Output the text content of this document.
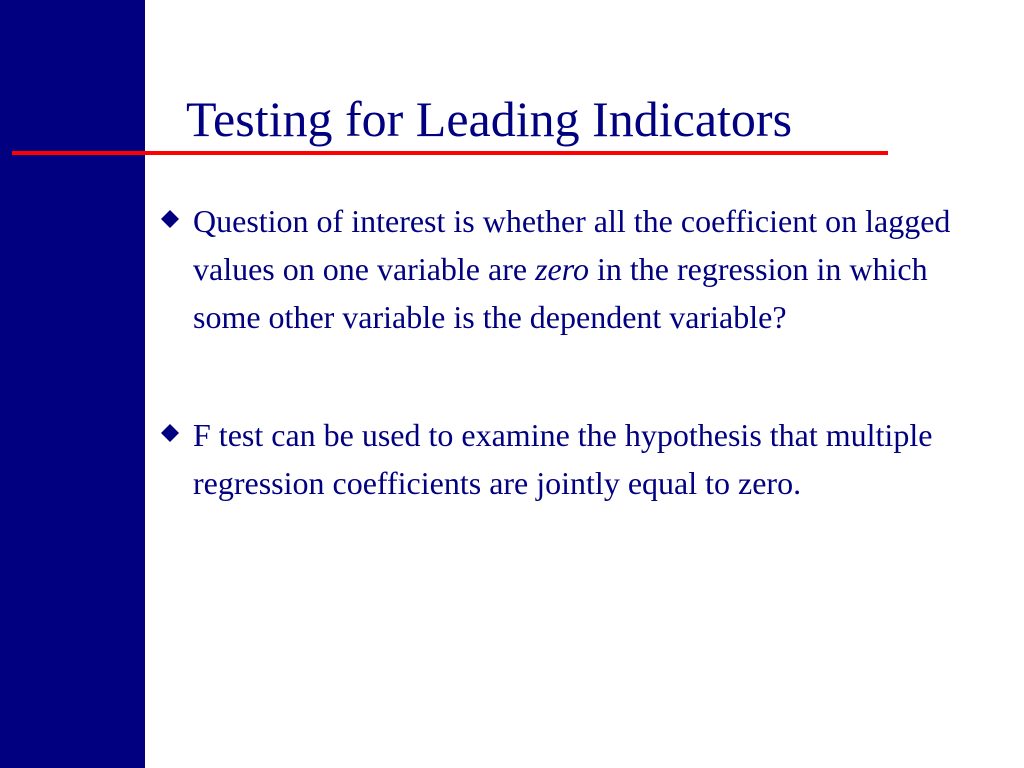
Testing for Leading Indicators
Question of interest is whether all the coefficient on lagged values on one variable are zero in the regression in which some other variable is the dependent variable?
F test can be used to examine the hypothesis that multiple regression coefficients are jointly equal to zero.
